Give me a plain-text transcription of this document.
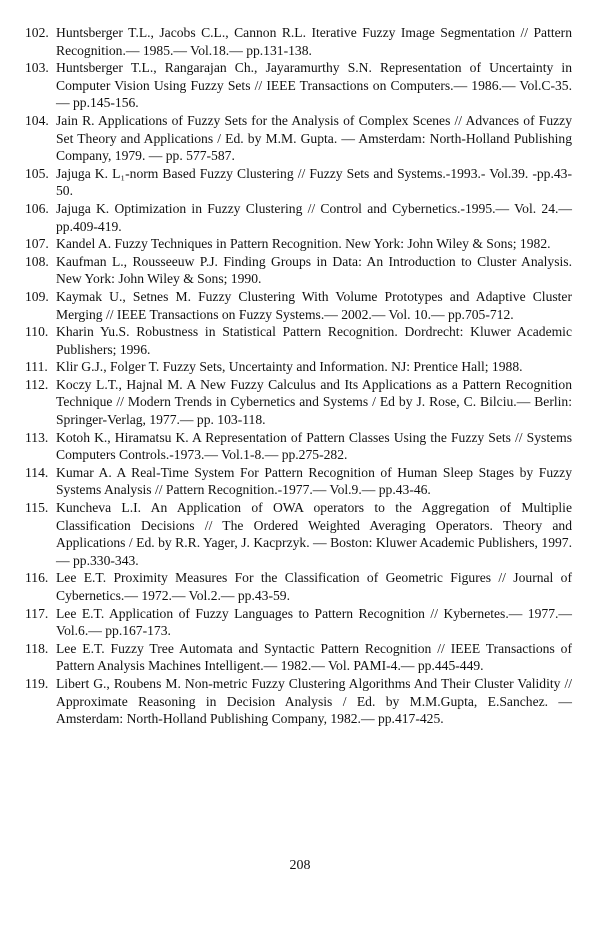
102. Huntsberger T.L., Jacobs C.L., Cannon R.L. Iterative Fuzzy Image Segmentation // Pattern Recognition.— 1985.— Vol.18.— pp.131-138.
103. Huntsberger T.L., Rangarajan Ch., Jayaramurthy S.N. Representation of Uncertainty in Computer Vision Using Fuzzy Sets // IEEE Transactions on Computers.— 1986.— Vol.C-35.— pp.145-156.
104. Jain R. Applications of Fuzzy Sets for the Analysis of Complex Scenes // Advances of Fuzzy Set Theory and Applications / Ed. by M.M. Gupta. — Amsterdam: North-Holland Publishing Company, 1979. — pp. 577-587.
105. Jajuga K. L₁-norm Based Fuzzy Clustering // Fuzzy Sets and Systems.-1993.- Vol.39. -pp.43-50.
106. Jajuga K. Optimization in Fuzzy Clustering // Control and Cybernetics.-1995.— Vol. 24.— pp.409-419.
107. Kandel A. Fuzzy Techniques in Pattern Recognition. New York: John Wiley & Sons; 1982.
108. Kaufman L., Rousseeuw P.J. Finding Groups in Data: An Introduction to Cluster Analysis. New York: John Wiley & Sons; 1990.
109. Kaymak U., Setnes M. Fuzzy Clustering With Volume Prototypes and Adaptive Cluster Merging // IEEE Transactions on Fuzzy Systems.— 2002.— Vol. 10.— pp.705-712.
110. Kharin Yu.S. Robustness in Statistical Pattern Recognition. Dordrecht: Kluwer Academic Publishers; 1996.
111. Klir G.J., Folger T. Fuzzy Sets, Uncertainty and Information. NJ: Prentice Hall; 1988.
112. Koczy L.T., Hajnal M. A New Fuzzy Calculus and Its Applications as a Pattern Recognition Technique // Modern Trends in Cybernetics and Systems / Ed by J. Rose, C. Bilciu.— Berlin: Springer-Verlag, 1977.— pp. 103-118.
113. Kotoh K., Hiramatsu K. A Representation of Pattern Classes Using the Fuzzy Sets // Systems Computers Controls.-1973.— Vol.1-8.— pp.275-282.
114. Kumar A. A Real-Time System For Pattern Recognition of Human Sleep Stages by Fuzzy Systems Analysis // Pattern Recognition.-1977.— Vol.9.— pp.43-46.
115. Kuncheva L.I. An Application of OWA operators to the Aggregation of Multiplie Classification Decisions // The Ordered Weighted Averaging Operators. Theory and Applications / Ed. by R.R. Yager, J. Kacprzyk. — Boston: Kluwer Academic Publishers, 1997.— pp.330-343.
116. Lee E.T. Proximity Measures For the Classification of Geometric Figures // Journal of Cybernetics.— 1972.— Vol.2.— pp.43-59.
117. Lee E.T. Application of Fuzzy Languages to Pattern Recognition // Kybernetes.— 1977.— Vol.6.— pp.167-173.
118. Lee E.T. Fuzzy Tree Automata and Syntactic Pattern Recognition // IEEE Transactions of Pattern Analysis Machines Intelligent.— 1982.— Vol. PAMI-4.— pp.445-449.
119. Libert G., Roubens M. Non-metric Fuzzy Clustering Algorithms And Their Cluster Validity // Approximate Reasoning in Decision Analysis / Ed. by M.M.Gupta, E.Sanchez. — Amsterdam: North-Holland Publishing Company, 1982.— pp.417-425.
208
